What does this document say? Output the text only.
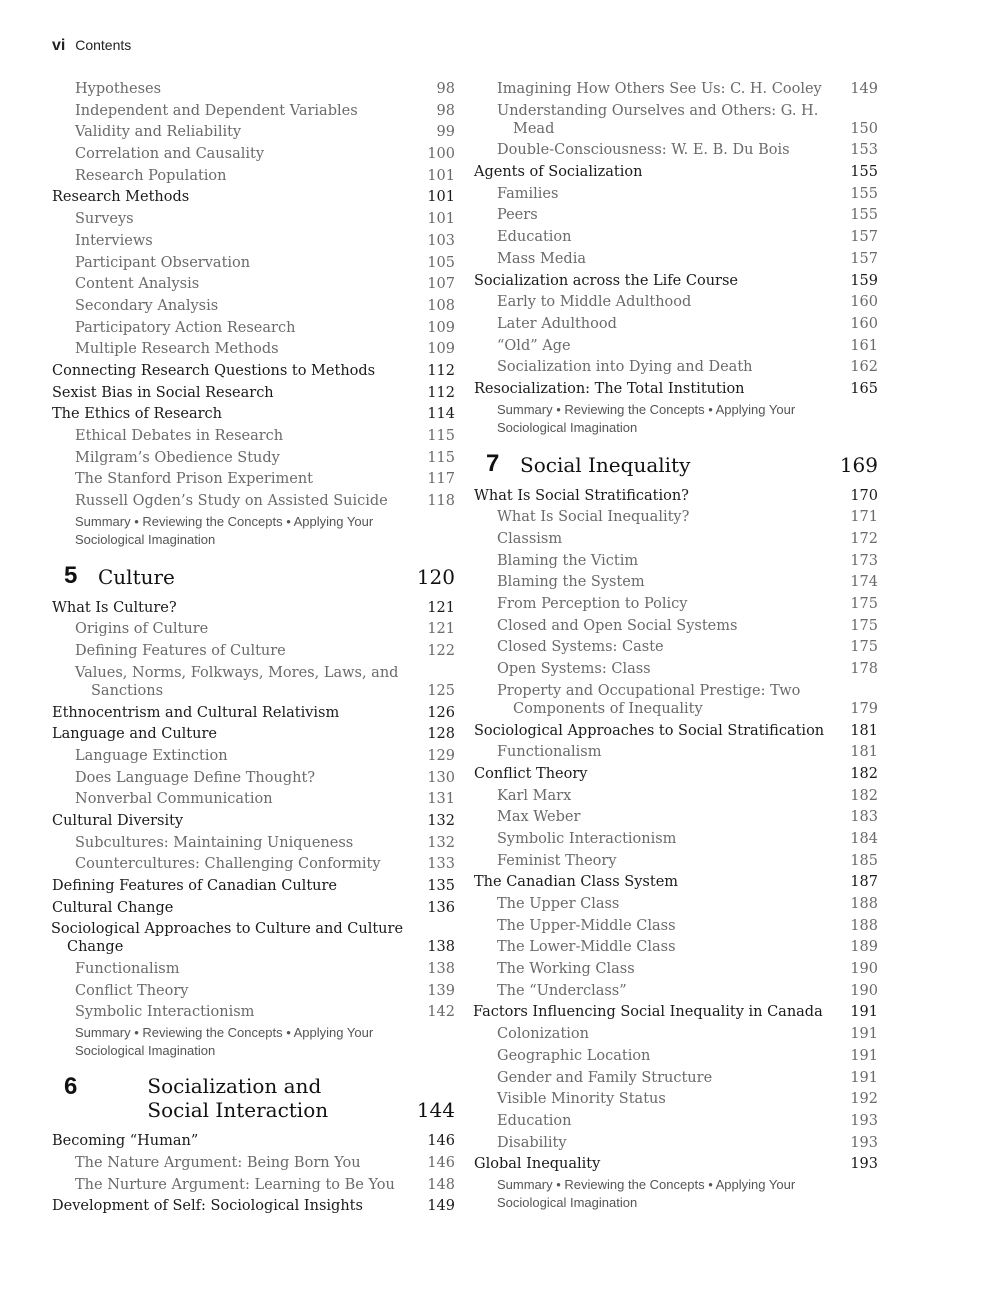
vi Contents
Hypotheses	98
Independent and Dependent Variables	98
Validity and Reliability	99
Correlation and Causality	100
Research Population	101
Research Methods	101
Surveys	101
Interviews	103
Participant Observation	105
Content Analysis	107
Secondary Analysis	108
Participatory Action Research	109
Multiple Research Methods	109
Connecting Research Questions to Methods	112
Sexist Bias in Social Research	112
The Ethics of Research	114
Ethical Debates in Research	115
Milgram’s Obedience Study	115
The Stanford Prison Experiment	117
Russell Ogden’s Study on Assisted Suicide	118
Summary • Reviewing the Concepts • Applying Your Sociological Imagination
5	Culture	120
What Is Culture?	121
Origins of Culture	121
Defining Features of Culture	122
Values, Norms, Folkways, Mores, Laws, and Sanctions	125
Ethnocentrism and Cultural Relativism	126
Language and Culture	128
Language Extinction	129
Does Language Define Thought?	130
Nonverbal Communication	131
Cultural Diversity	132
Subcultures: Maintaining Uniqueness	132
Countercultures: Challenging Conformity	133
Defining Features of Canadian Culture	135
Cultural Change	136
Sociological Approaches to Culture and Culture Change	138
Functionalism	138
Conflict Theory	139
Symbolic Interactionism	142
Summary • Reviewing the Concepts • Applying Your Sociological Imagination
6	Socialization and Social Interaction	144
Becoming “Human”	146
The Nature Argument: Being Born You	146
The Nurture Argument: Learning to Be You	148
Development of Self: Sociological Insights	149
Imagining How Others See Us: C. H. Cooley	149
Understanding Ourselves and Others: G. H. Mead	150
Double-Consciousness: W. E. B. Du Bois	153
Agents of Socialization	155
Families	155
Peers	155
Education	157
Mass Media	157
Socialization across the Life Course	159
Early to Middle Adulthood	160
Later Adulthood	160
“Old” Age	161
Socialization into Dying and Death	162
Resocialization: The Total Institution	165
Summary • Reviewing the Concepts • Applying Your Sociological Imagination
7	Social Inequality	169
What Is Social Stratification?	170
What Is Social Inequality?	171
Classism	172
Blaming the Victim	173
Blaming the System	174
From Perception to Policy	175
Closed and Open Social Systems	175
Closed Systems: Caste	175
Open Systems: Class	178
Property and Occupational Prestige: Two Components of Inequality	179
Sociological Approaches to Social Stratification	181
Functionalism	181
Conflict Theory	182
Karl Marx	182
Max Weber	183
Symbolic Interactionism	184
Feminist Theory	185
The Canadian Class System	187
The Upper Class	188
The Upper-Middle Class	188
The Lower-Middle Class	189
The Working Class	190
The “Underclass”	190
Factors Influencing Social Inequality in Canada	191
Colonization	191
Geographic Location	191
Gender and Family Structure	191
Visible Minority Status	192
Education	193
Disability	193
Global Inequality	193
Summary • Reviewing the Concepts • Applying Your Sociological Imagination
